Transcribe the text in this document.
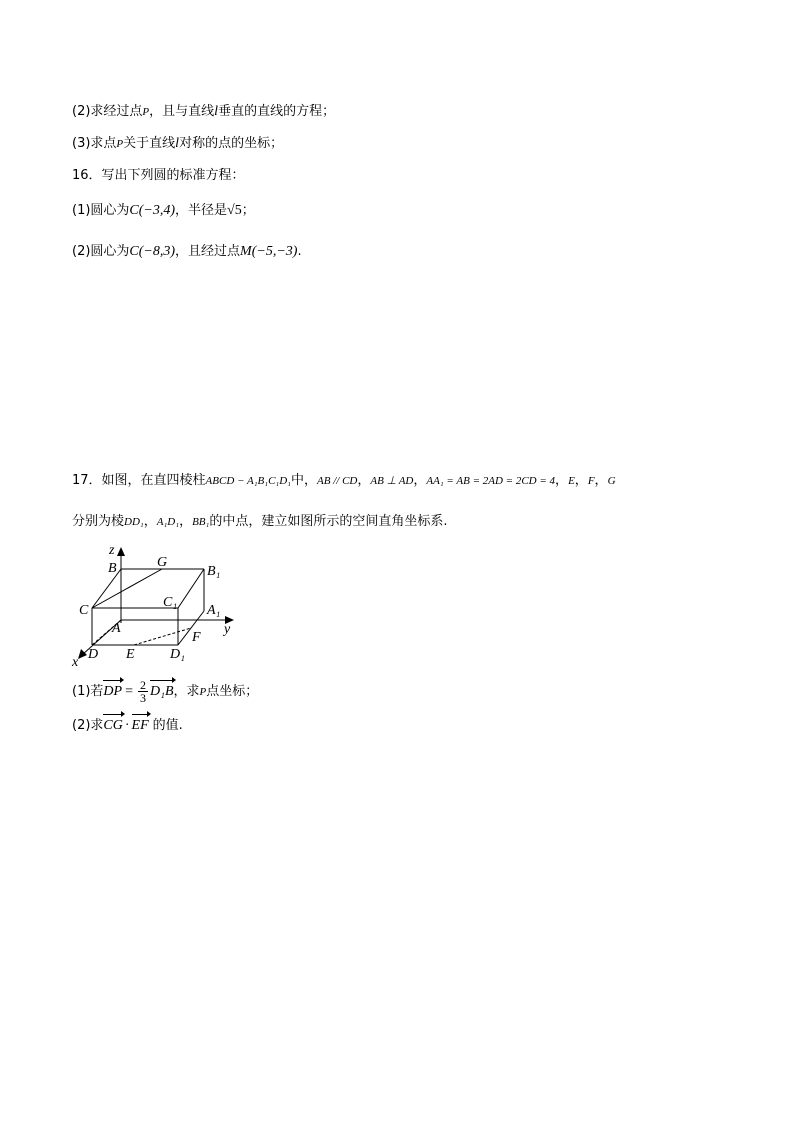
(2)求经过点P，且与直线l垂直的直线的方程；
(3)求点P关于直线l对称的点的坐标；
16．写出下列圆的标准方程：
(1)圆心为C(−3,4)，半径是√5；
(2)圆心为C(−8,3)，且经过点M(−5,−3).
17．如图，在直四棱柱ABCD − A₁B₁C₁D₁中，AB // CD，AB ⊥ AD，AA₁ = AB = 2AD = 2CD = 4，E，F，G
分别为棱DD₁，A₁D₁，BB₁的中点，建立如图所示的空间直角坐标系.
z
B	G
B₁
C
C₁
A₁
A	y
F
D E	D₁
x
(1)若DP = $\frac{2}{3} D_1B$，求P点坐标；
(2)求CG · EF 的值.
